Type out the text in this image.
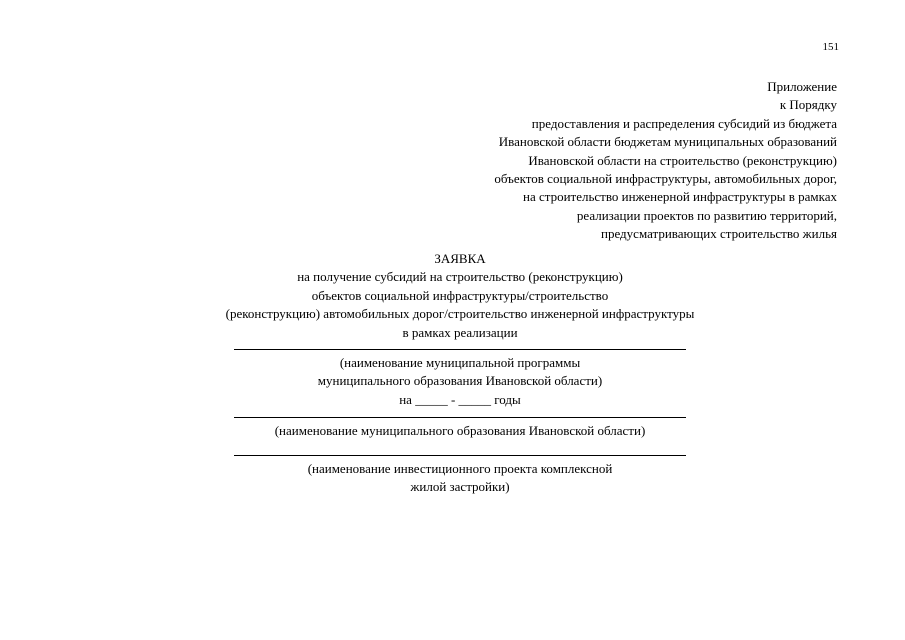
151
Приложение
к Порядку
предоставления и распределения субсидий из бюджета
Ивановской области бюджетам муниципальных образований
Ивановской области на строительство (реконструкцию)
объектов социальной инфраструктуры, автомобильных дорог,
на строительство инженерной инфраструктуры в рамках
реализации проектов по развитию территорий,
предусматривающих строительство жилья
ЗАЯВКА
на получение субсидий на строительство (реконструкцию)
объектов социальной инфраструктуры/строительство
(реконструкцию) автомобильных дорог/строительство инженерной инфраструктуры
в рамках реализации
(наименование муниципальной программы
муниципального образования Ивановской области)
на _____ - _____ годы
(наименование муниципального образования Ивановской области)
(наименование инвестиционного проекта комплексной
жилой застройки)
